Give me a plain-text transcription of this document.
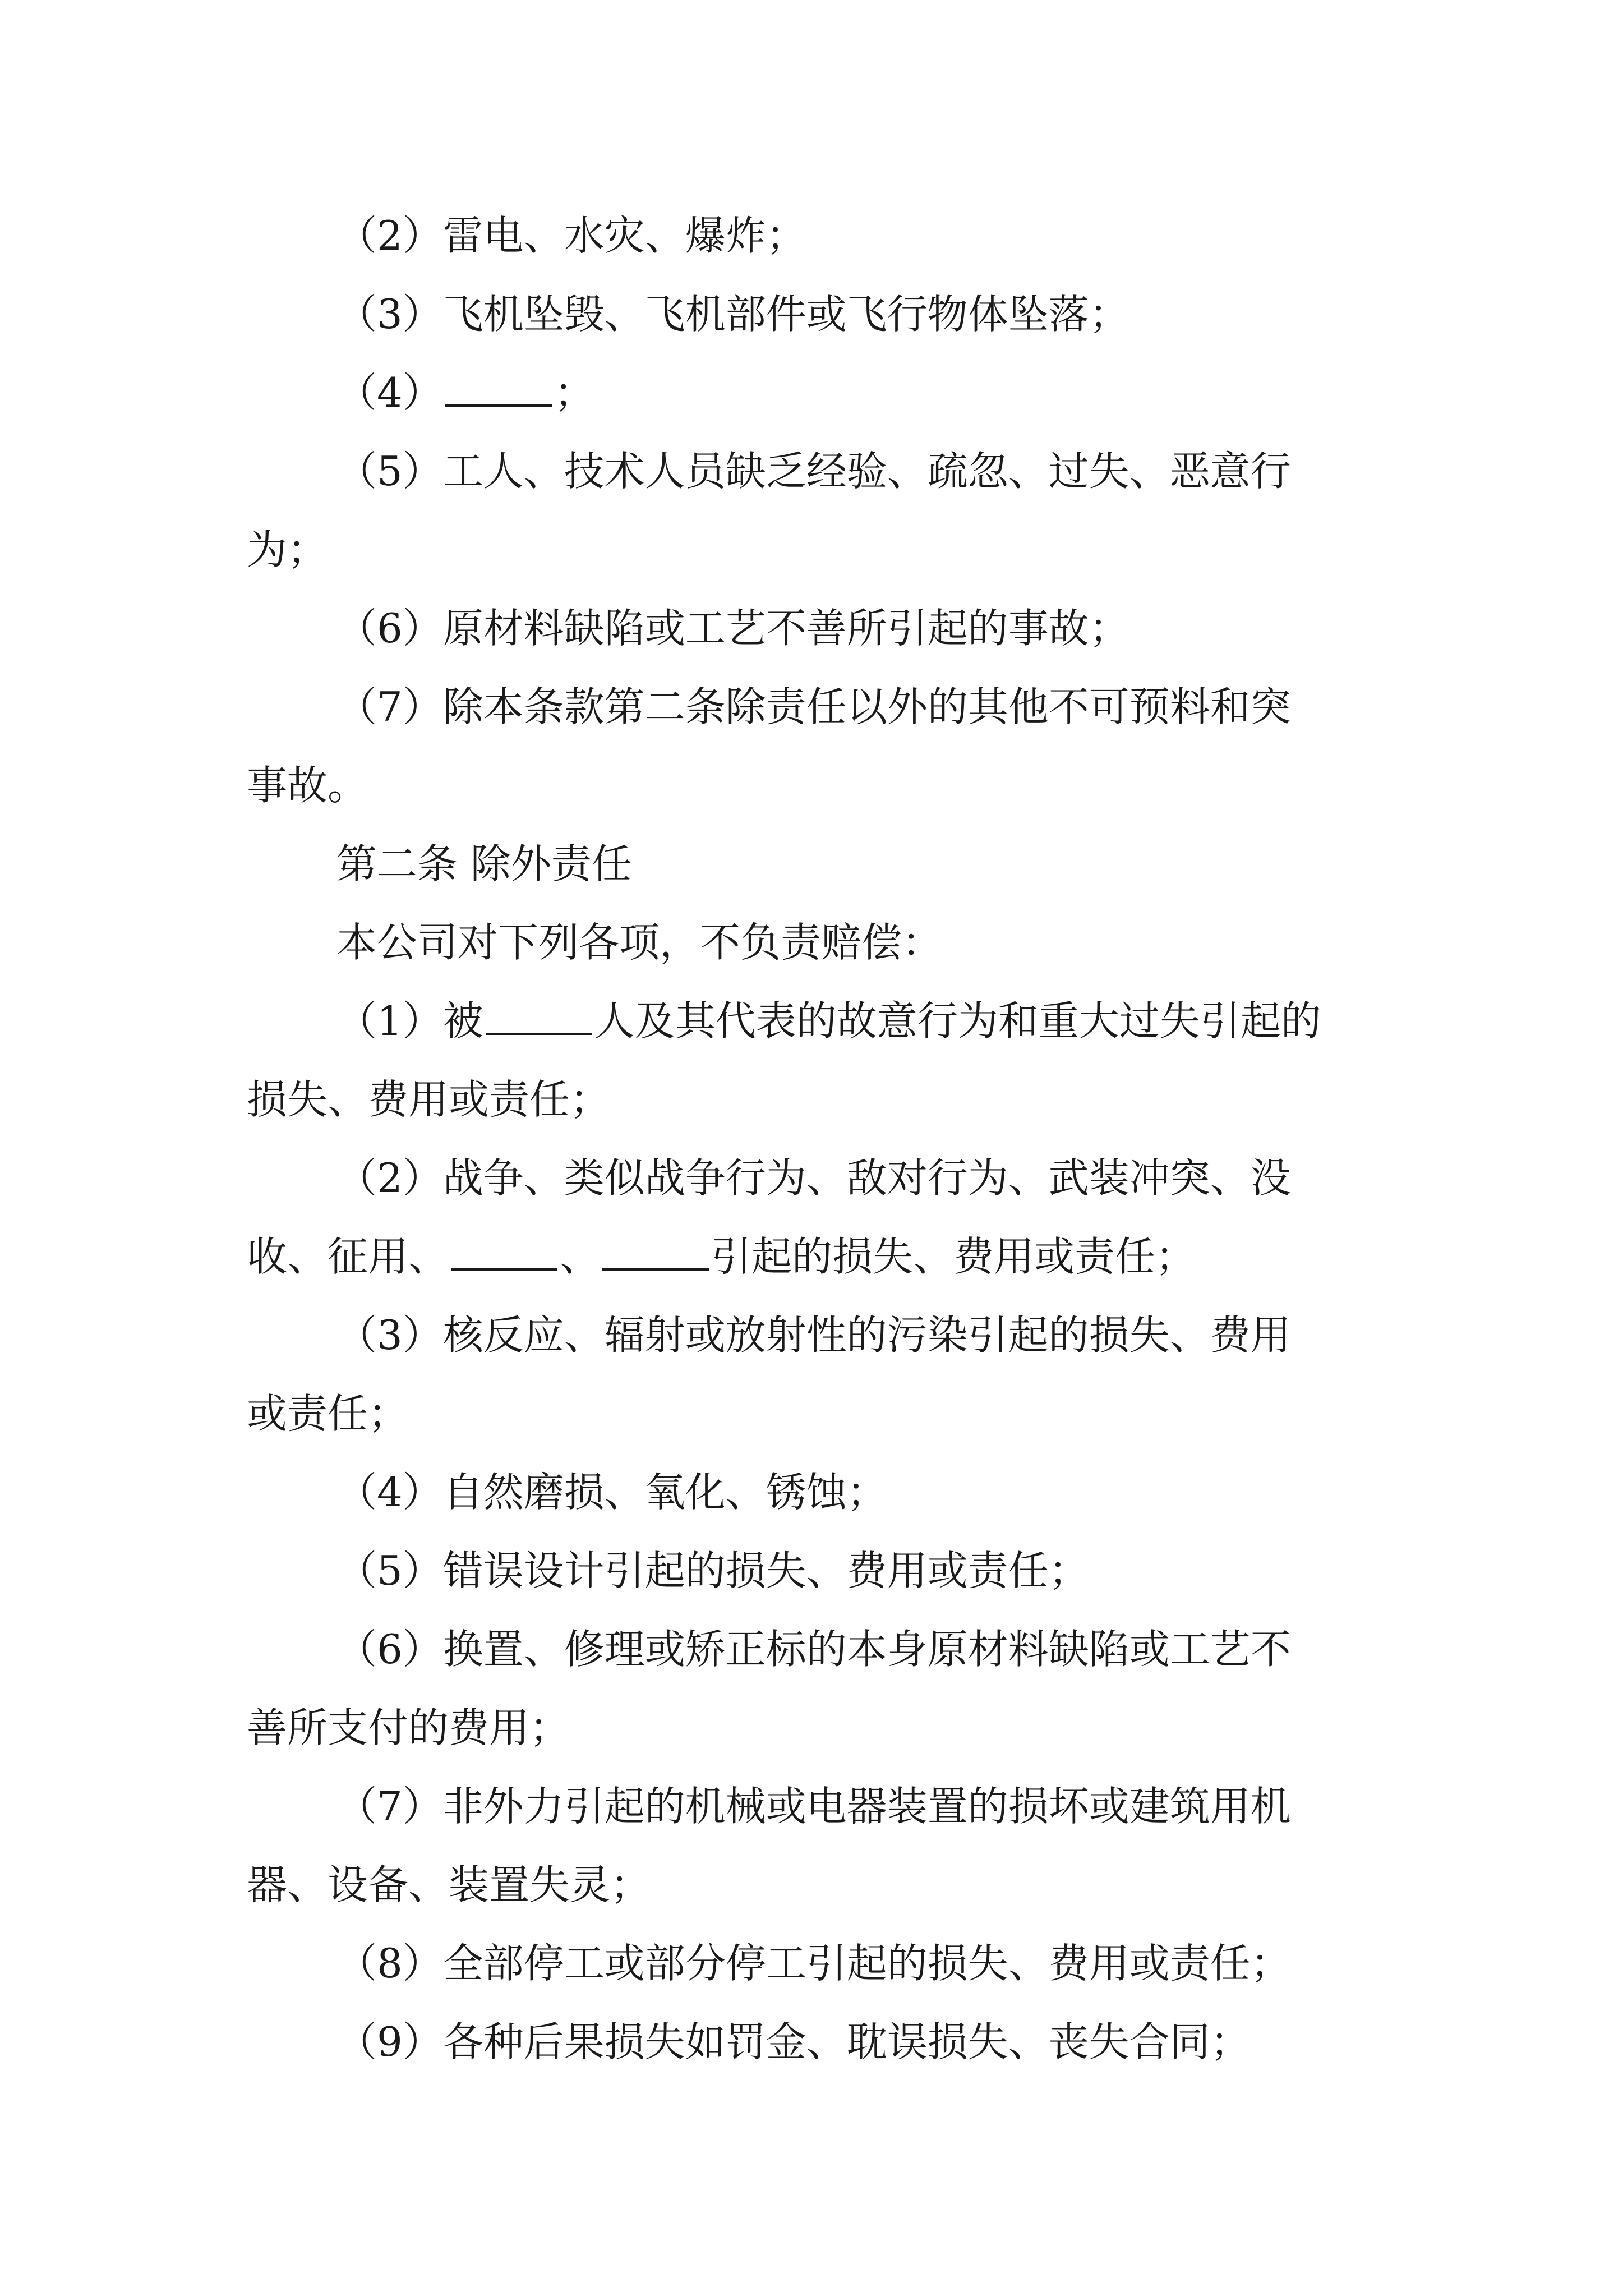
（2）雷电、水灾、爆炸；

（3）飞机坠毁、飞机部件或飞行物体坠落；

（4）	；

（5）工人、技术人员缺乏经验、疏忽、过失、恶意行

为；

（6）原材料缺陷或工艺不善所引起的事故；

（7）除本条款第二条除责任以外的其他不可预料和突

事故。

第二条 除外责任

本公司对下列各项，不负责赔偿：

（1）被	人及其代表的故意行为和重大过失引起的

损失、费用或责任；

（2）战争、类似战争行为、敌对行为、武装冲突、没

收、征用、	、	引起的损失、费用或责任；

（3）核反应、辐射或放射性的污染引起的损失、费用

或责任；

（4）自然磨损、氧化、锈蚀；

（5）错误设计引起的损失、费用或责任；

（6）换置、修理或矫正标的本身原材料缺陷或工艺不

善所支付的费用；

（7）非外力引起的机械或电器装置的损坏或建筑用机

器、设备、装置失灵；

（8）全部停工或部分停工引起的损失、费用或责任；

（9）各种后果损失如罚金、耽误损失、丧失合同；
